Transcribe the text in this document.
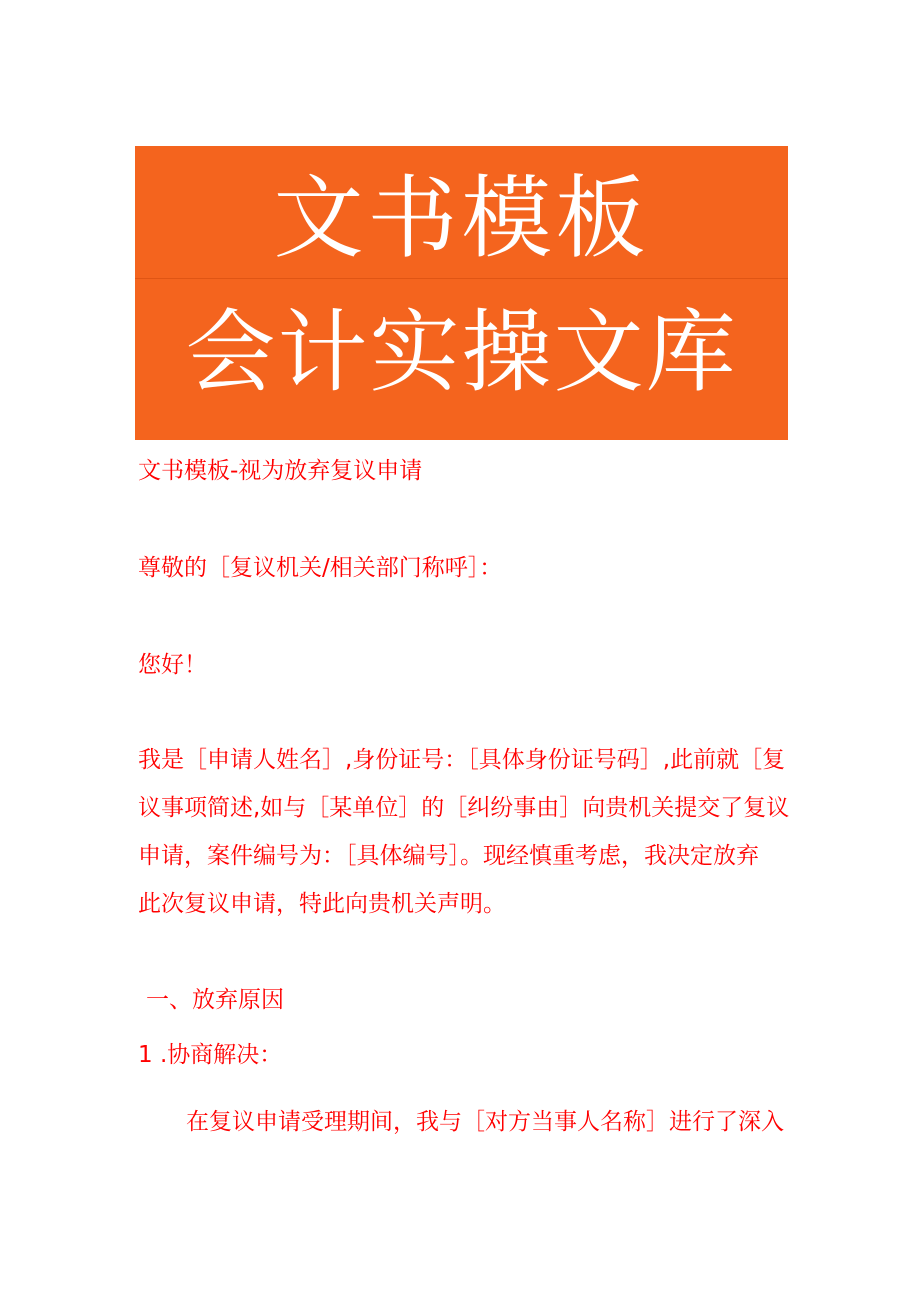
文书模板
会计实操文库
文书模板-视为放弃复议申请
尊敬的［复议机关/相关部门称呼］：
您好！
我是［申请人姓名］,身份证号：［具体身份证号码］,此前就［复
议事项简述,如与［某单位］的［纠纷事由］向贵机关提交了复议
申请，案件编号为：［具体编号］。现经慎重考虑，我决定放弃
此次复议申请，特此向贵机关声明。
一、放弃原因
1 .协商解决：
在复议申请受理期间，我与［对方当事人名称］进行了深入
